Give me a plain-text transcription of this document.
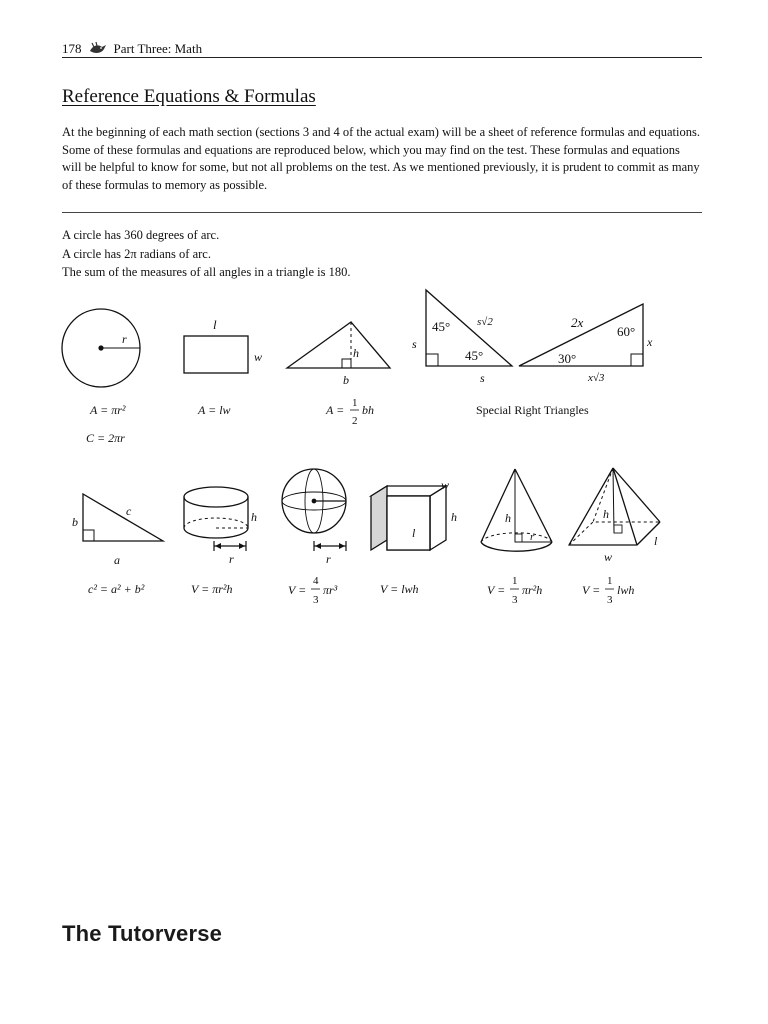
178 Part Three: Math
Reference Equations & Formulas

At the beginning of each math section (sections 3 and 4 of the actual exam) will be a sheet of reference formulas and equations. Some of these formulas and equations are reproduced below, which you may find on the test. These formulas and equations will be helpful to know for some, but not all problems on the test. As we mentioned previously, it is prudent to commit as many of these formulas to memory as possible.

A circle has 360 degrees of arc.
A circle has 2π radians of arc.
The sum of the measures of all angles in a triangle is 180.
r
A = πr²
C = 2πr
l
w
A = lw
h
b
A = 1
2
bh
45° s√2
s
45°
s
2x
60°
x
30°
x√3
Special Right Triangles
c
b
a
c² = a² + b²
h
r
V = πr²h
r
V =
4
3
πr³
w
h
l
V = lwh
h
r
V =
1
3
πr²h
h
l
w
V =
1
3
lwh
The Tutorverse
